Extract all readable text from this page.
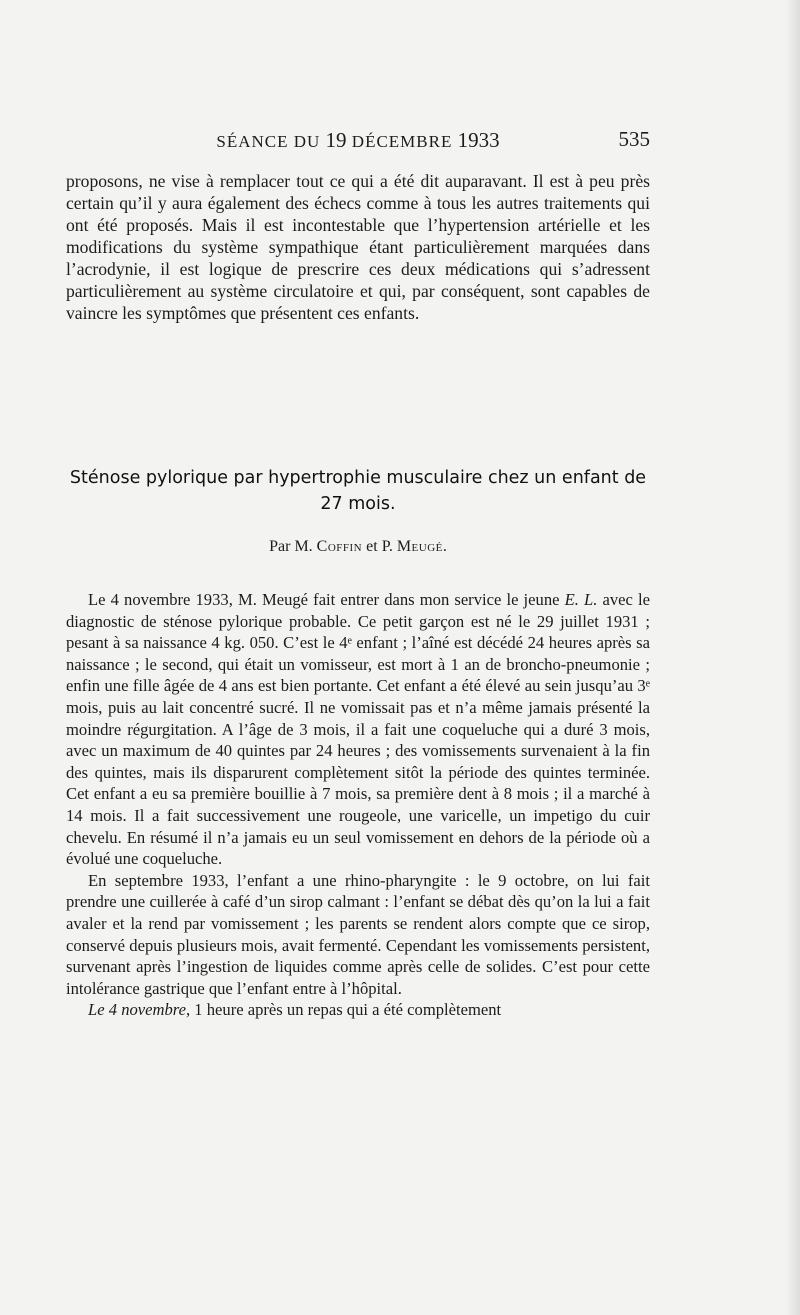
SÉANCE DU 19 DÉCEMBRE 1933	535

proposons, ne vise à remplacer tout ce qui a été dit auparavant. Il est à peu près certain qu’il y aura également des échecs comme à tous les autres traitements qui ont été proposés. Mais il est incontestable que l’hypertension artérielle et les modifications du système sympathique étant particulièrement marquées dans l’acrodynie, il est logique de prescrire ces deux médications qui s’adressent particulièrement au système circulatoire et qui, par conséquent, sont capables de vaincre les symptômes que présentent ces enfants.

Sténose pylorique par hypertrophie musculaire chez un enfant de 27 mois.
Par M. Coffin et P. Meugé.

Le 4 novembre 1933, M. Meugé fait entrer dans mon service le jeune E. L. avec le diagnostic de sténose pylorique probable. Ce petit garçon est né le 29 juillet 1931 ; pesant à sa naissance 4 kg. 050. C’est le 4ᵉ enfant ; l’aîné est décédé 24 heures après sa naissance ; le second, qui était un vomisseur, est mort à 1 an de broncho-pneumonie ; enfin une fille âgée de 4 ans est bien portante. Cet enfant a été élevé au sein jusqu’au 3ᵉ mois, puis au lait concentré sucré. Il ne vomissait pas et n’a même jamais présenté la moindre régurgitation. A l’âge de 3 mois, il a fait une coqueluche qui a duré 3 mois, avec un maximum de 40 quintes par 24 heures ; des vomissements survenaient à la fin des quintes, mais ils disparurent complètement sitôt la période des quintes terminée. Cet enfant a eu sa première bouillie à 7 mois, sa première dent à 8 mois ; il a marché à 14 mois. Il a fait successivement une rougeole, une varicelle, un impetigo du cuir chevelu. En résumé il n’a jamais eu un seul vomissement en dehors de la période où a évolué une coqueluche.

En septembre 1933, l’enfant a une rhino-pharyngite : le 9 octobre, on lui fait prendre une cuillerée à café d’un sirop calmant : l’enfant se débat dès qu’on la lui a fait avaler et la rend par vomissement ; les parents se rendent alors compte que ce sirop, conservé depuis plusieurs mois, avait fermenté. Cependant les vomissements persistent, survenant après l’ingestion de liquides comme après celle de solides. C’est pour cette intolérance gastrique que l’enfant entre à l’hôpital.

Le 4 novembre, 1 heure après un repas qui a été complètement
